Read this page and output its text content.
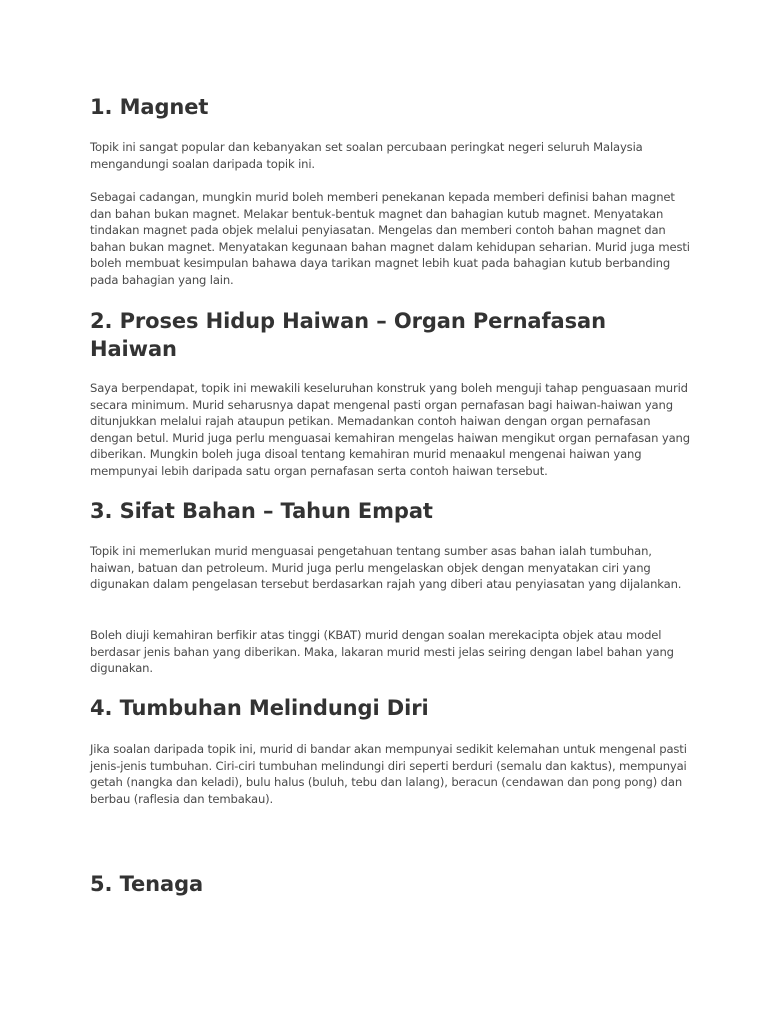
1. Magnet

Topik ini sangat popular dan kebanyakan set soalan percubaan peringkat negeri seluruh Malaysia mengandungi soalan daripada topik ini.

Sebagai cadangan, mungkin murid boleh memberi penekanan kepada memberi definisi bahan magnet dan bahan bukan magnet. Melakar bentuk-bentuk magnet dan bahagian kutub magnet. Menyatakan tindakan magnet pada objek melalui penyiasatan. Mengelas dan memberi contoh bahan magnet dan bahan bukan magnet. Menyatakan kegunaan bahan magnet dalam kehidupan seharian. Murid juga mesti boleh membuat kesimpulan bahawa daya tarikan magnet lebih kuat pada bahagian kutub berbanding pada bahagian yang lain.

2. Proses Hidup Haiwan – Organ Pernafasan Haiwan

Saya berpendapat, topik ini mewakili keseluruhan konstruk yang boleh menguji tahap penguasaan murid secara minimum. Murid seharusnya dapat mengenal pasti organ pernafasan bagi haiwan-haiwan yang ditunjukkan melalui rajah ataupun petikan. Memadankan contoh haiwan dengan organ pernafasan dengan betul. Murid juga perlu menguasai kemahiran mengelas haiwan mengikut organ pernafasan yang diberikan. Mungkin boleh juga disoal tentang kemahiran murid menaakul mengenai haiwan yang mempunyai lebih daripada satu organ pernafasan serta contoh haiwan tersebut.

3. Sifat Bahan – Tahun Empat

Topik ini memerlukan murid menguasai pengetahuan tentang sumber asas bahan ialah tumbuhan, haiwan, batuan dan petroleum. Murid juga perlu mengelaskan objek dengan menyatakan ciri yang digunakan dalam pengelasan tersebut berdasarkan rajah yang diberi atau penyiasatan yang dijalankan.

Boleh diuji kemahiran berfikir atas tinggi (KBAT) murid dengan soalan merekacipta objek atau model berdasar jenis bahan yang diberikan. Maka, lakaran murid mesti jelas seiring dengan label bahan yang digunakan.

4. Tumbuhan Melindungi Diri

Jika soalan daripada topik ini, murid di bandar akan mempunyai sedikit kelemahan untuk mengenal pasti jenis-jenis tumbuhan. Ciri-ciri tumbuhan melindungi diri seperti berduri (semalu dan kaktus), mempunyai getah (nangka dan keladi), bulu halus (buluh, tebu dan lalang), beracun (cendawan dan pong pong) dan berbau (raflesia dan tembakau).

5. Tenaga
